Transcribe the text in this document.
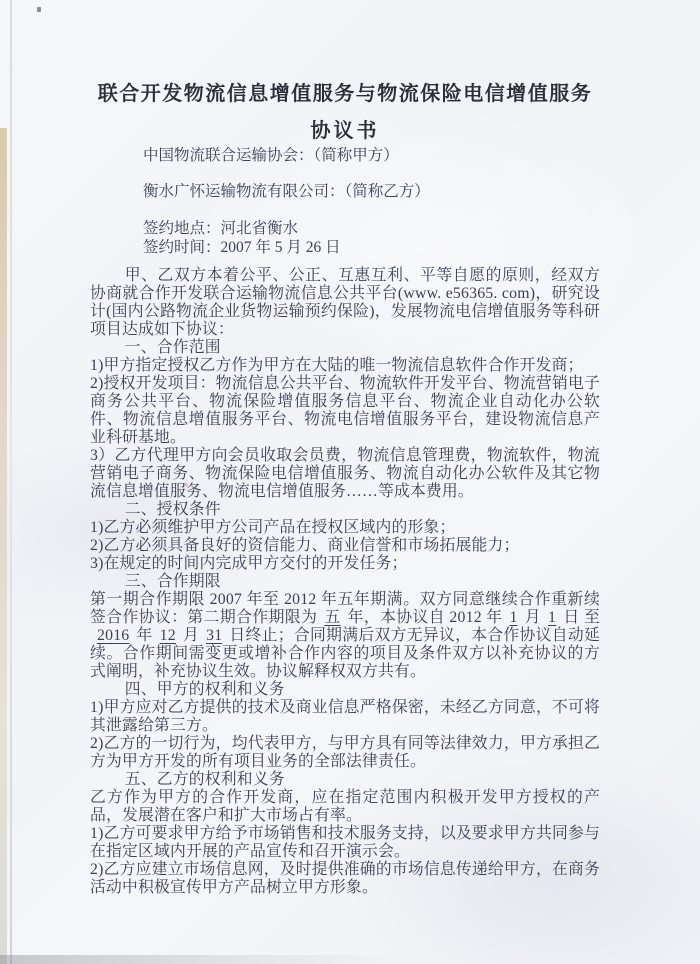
联合开发物流信息增值服务与物流保险电信增值服务
协议书

中国物流联合运输协会：（简称甲方）

衡水广怀运输物流有限公司：（简称乙方）

签约地点：河北省衡水

签约时间：2007 年 5 月 26 日

甲、乙双方本着公平、公正、互惠互利、平等自愿的原则，经双方协商就合作开发联合运输物流信息公共平台(www. e56365. com)，研究设计(国内公路物流企业货物运输预约保险)，发展物流电信增值服务等科研项目达成如下协议：

一、合作范围

1)甲方指定授权乙方作为甲方在大陆的唯一物流信息软件合作开发商；

2)授权开发项目：物流信息公共平台、物流软件开发平台、物流营销电子商务公共平台、物流保险增值服务信息平台、物流企业自动化办公软件、物流信息增值服务平台、物流电信增值服务平台，建设物流信息产业科研基地。

3）乙方代理甲方向会员收取会员费，物流信息管理费，物流软件，物流营销电子商务、物流保险电信增值服务、物流自动化办公软件及其它物流信息增值服务、物流电信增值服务……等成本费用。

二、授权条件

1)乙方必须维护甲方公司产品在授权区域内的形象；

2)乙方必须具备良好的资信能力、商业信誉和市场拓展能力；

3)在规定的时间内完成甲方交付的开发任务；

三、合作期限

第一期合作期限 2007 年至 2012 年五年期满。双方同意继续合作重新续签合作协议：第二期合作期限为 五 年，本协议自 2012 年 1 月 1 日 至2016 年 12 月 31 日终止；合同期满后双方无异议，本合作协议自动延续。合作期间需变更或增补合作内容的项目及条件双方以补充协议的方式阐明，补充协议生效。协议解释权双方共有。

四、甲方的权利和义务

1)甲方应对乙方提供的技术及商业信息严格保密，未经乙方同意，不可将其泄露给第三方。

2)乙方的一切行为，均代表甲方，与甲方具有同等法律效力，甲方承担乙方为甲方开发的所有项目业务的全部法律责任。

五、乙方的权利和义务

乙方作为甲方的合作开发商，应在指定范围内积极开发甲方授权的产品，发展潜在客户和扩大市场占有率。

1)乙方可要求甲方给予市场销售和技术服务支持，以及要求甲方共同参与在指定区域内开展的产品宣传和召开演示会。

2)乙方应建立市场信息网，及时提供准确的市场信息传递给甲方，在商务活动中积极宣传甲方产品树立甲方形象。
